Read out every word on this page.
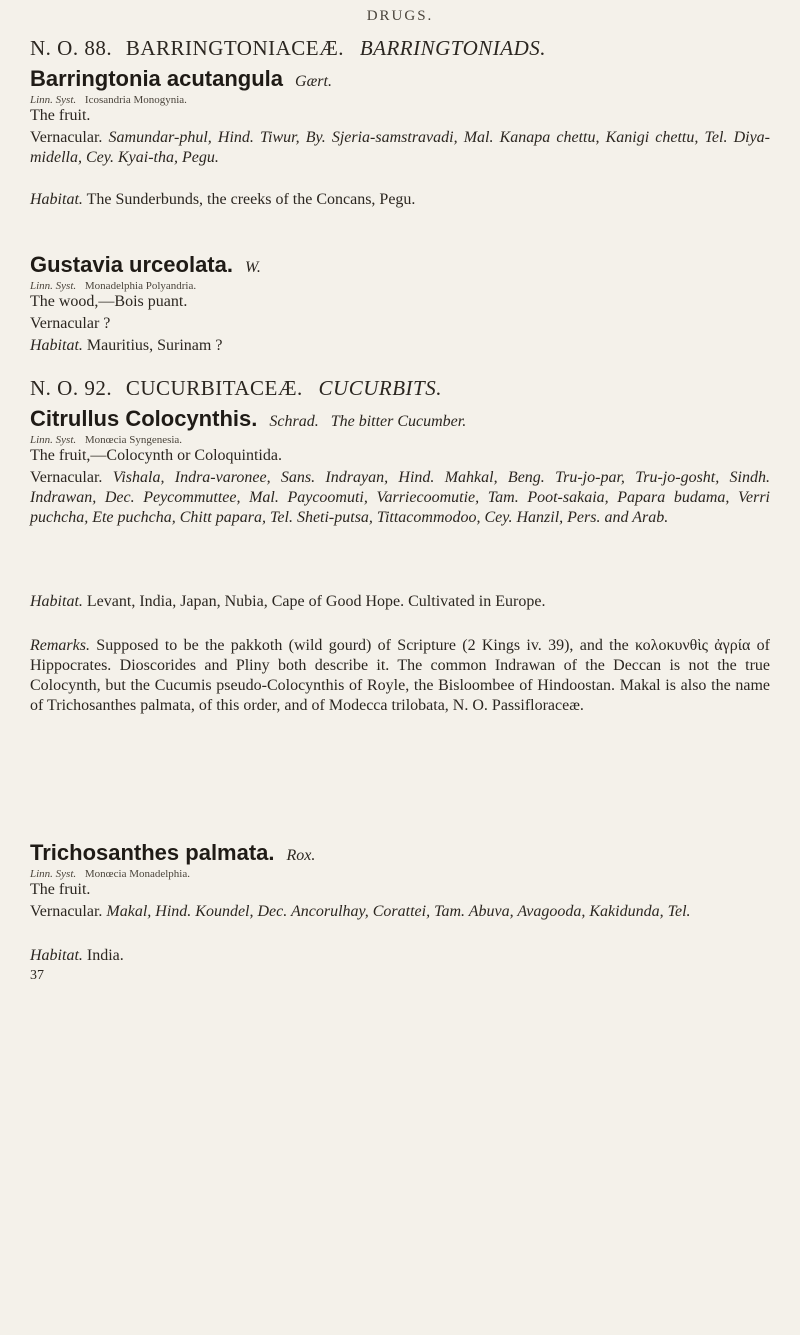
DRUGS.
N. O. 88. BARRINGTONIACEÆ. BARRINGTONIADS.
Barringtonia acutangula Gært.
Linn. Syst. Icosandria Monogynia.
The fruit.
Vernacular. Samundar-phul, Hind. Tiwur, By. Sjeria-samstravadi, Mal. Kanapa chettu, Kanigi chettu, Tel. Diya-midella, Cey. Kyai-tha, Pegu.
Habitat. The Sunderbunds, the creeks of the Concans, Pegu.
Gustavia urceolata. W.
Linn. Syst. Monadelphia Polyandria.
The wood,—Bois puant.
Vernacular ?
Habitat. Mauritius, Surinam ?
N. O. 92. CUCURBITACEÆ. CUCURBITS.
Citrullus Colocynthis. Schrad. The bitter Cucumber.
Linn. Syst. Monœcia Syngenesia.
The fruit,—Colocynth or Coloquintida.
Vernacular. Vishala, Indra-varonee, Sans. Indrayan, Hind. Mahkal, Beng. Tru-jo-par, Tru-jo-gosht, Sindh. Indrawan, Dec. Peycommuttee, Mal. Paycoomuti, Varriecoomutie, Tam. Poot-sakaia, Papara budama, Verri puchcha, Ete puchcha, Chitt papara, Tel. Sheti-putsa, Tittacommodoo, Cey. Hanzil, Pers. and Arab.
Habitat. Levant, India, Japan, Nubia, Cape of Good Hope. Cultivated in Europe.
Remarks. Supposed to be the pakkoth (wild gourd) of Scripture (2 Kings iv. 39), and the κολοκυνθὶς ἀγρία of Hippocrates. Dioscorides and Pliny both describe it. The common Indrawan of the Deccan is not the true Colocynth, but the Cucumis pseudo-Colocynthis of Royle, the Bisloombee of Hindoostan. Makal is also the name of Trichosanthes palmata, of this order, and of Modecca trilobata, N. O. Passifloraceæ.
Trichosanthes palmata. Rox.
Linn. Syst. Monœcia Monadelphia.
The fruit.
Vernacular. Makal, Hind. Koundel, Dec. Ancorulhay, Corattei, Tam. Abuva, Avagooda, Kakidunda, Tel.
Habitat. India.
37
